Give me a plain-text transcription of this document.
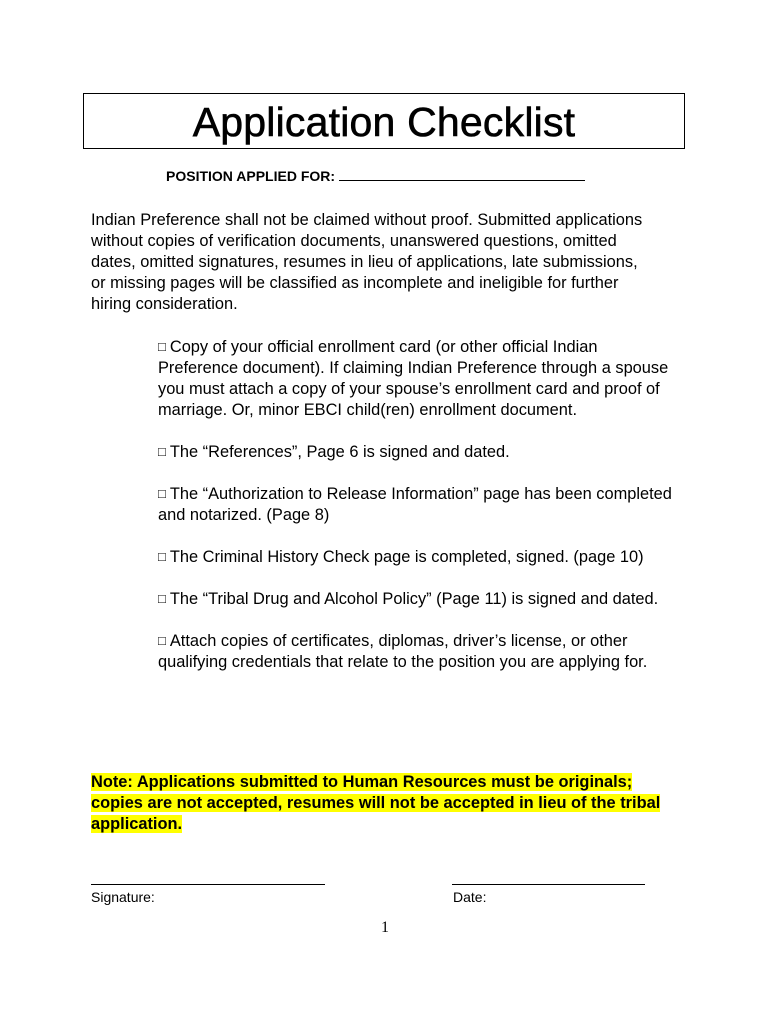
Application Checklist
POSITION APPLIED FOR:
Indian Preference shall not be claimed without proof. Submitted applications without copies of verification documents, unanswered questions, omitted dates, omitted signatures, resumes in lieu of applications, late submissions, or missing pages will be classified as incomplete and ineligible for further hiring consideration.
□ Copy of your official enrollment card (or other official Indian Preference document). If claiming Indian Preference through a spouse you must attach a copy of your spouse’s enrollment card and proof of marriage. Or, minor EBCI child(ren) enrollment document.
□ The “References”, Page 6 is signed and dated.
□ The “Authorization to Release Information” page has been completed and notarized. (Page 8)
□ The Criminal History Check page is completed, signed. (page 10)
□ The “Tribal Drug and Alcohol Policy” (Page 11) is signed and dated.
□ Attach copies of certificates, diplomas, driver’s license, or other qualifying credentials that relate to the position you are applying for.
Note: Applications submitted to Human Resources must be originals; copies are not accepted, resumes will not be accepted in lieu of the tribal application.
Signature:	Date:
1
